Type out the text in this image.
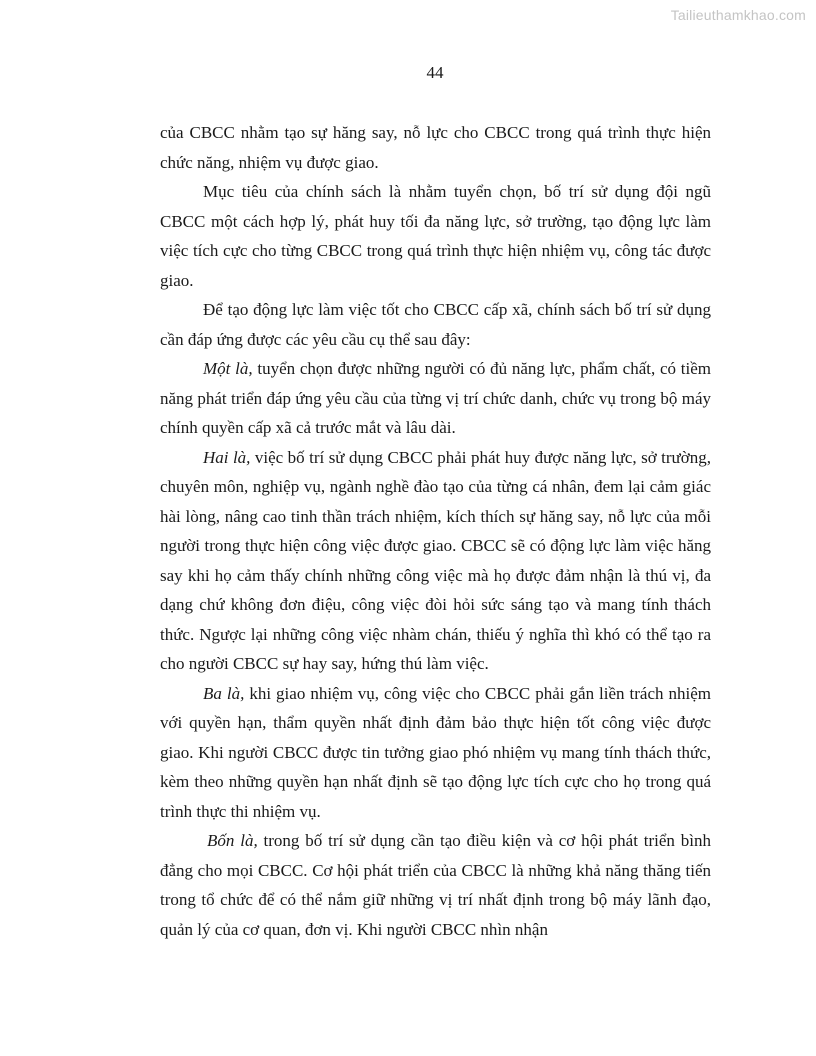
Tailieuthamkhao.com
44

của CBCC nhằm tạo sự hăng say, nỗ lực cho CBCC trong quá trình thực hiện chức năng, nhiệm vụ được giao.

Mục tiêu của chính sách là nhằm tuyển chọn, bố trí sử dụng đội ngũ CBCC một cách hợp lý, phát huy tối đa năng lực, sở trường, tạo động lực làm việc tích cực cho từng CBCC trong quá trình thực hiện nhiệm vụ, công tác được giao.

Để tạo động lực làm việc tốt cho CBCC cấp xã, chính sách bố trí sử dụng cần đáp ứng được các yêu cầu cụ thể sau đây:

Một là, tuyển chọn được những người có đủ năng lực, phẩm chất, có tiềm năng phát triển đáp ứng yêu cầu của từng vị trí chức danh, chức vụ trong bộ máy chính quyền cấp xã cả trước mắt và lâu dài.

Hai là, việc bố trí sử dụng CBCC phải phát huy được năng lực, sở trường, chuyên môn, nghiệp vụ, ngành nghề đào tạo của từng cá nhân, đem lại cảm giác hài lòng, nâng cao tinh thần trách nhiệm, kích thích sự hăng say, nỗ lực của mỗi người trong thực hiện công việc được giao. CBCC sẽ có động lực làm việc hăng say khi họ cảm thấy chính những công việc mà họ được đảm nhận là thú vị, đa dạng chứ không đơn điệu, công việc đòi hỏi sức sáng tạo và mang tính thách thức. Ngược lại những công việc nhàm chán, thiếu ý nghĩa thì khó có thể tạo ra cho người CBCC sự hay say, hứng thú làm việc.

Ba là, khi giao nhiệm vụ, công việc cho CBCC phải gắn liền trách nhiệm với quyền hạn, thẩm quyền nhất định đảm bảo thực hiện tốt công việc được giao. Khi người CBCC được tin tưởng giao phó nhiệm vụ mang tính thách thức, kèm theo những quyền hạn nhất định sẽ tạo động lực tích cực cho họ trong quá trình thực thi nhiệm vụ.

Bốn là, trong bố trí sử dụng cần tạo điều kiện và cơ hội phát triển bình đẳng cho mọi CBCC. Cơ hội phát triển của CBCC là những khả năng thăng tiến trong tổ chức để có thể nắm giữ những vị trí nhất định trong bộ máy lãnh đạo, quản lý của cơ quan, đơn vị. Khi người CBCC nhìn nhận
